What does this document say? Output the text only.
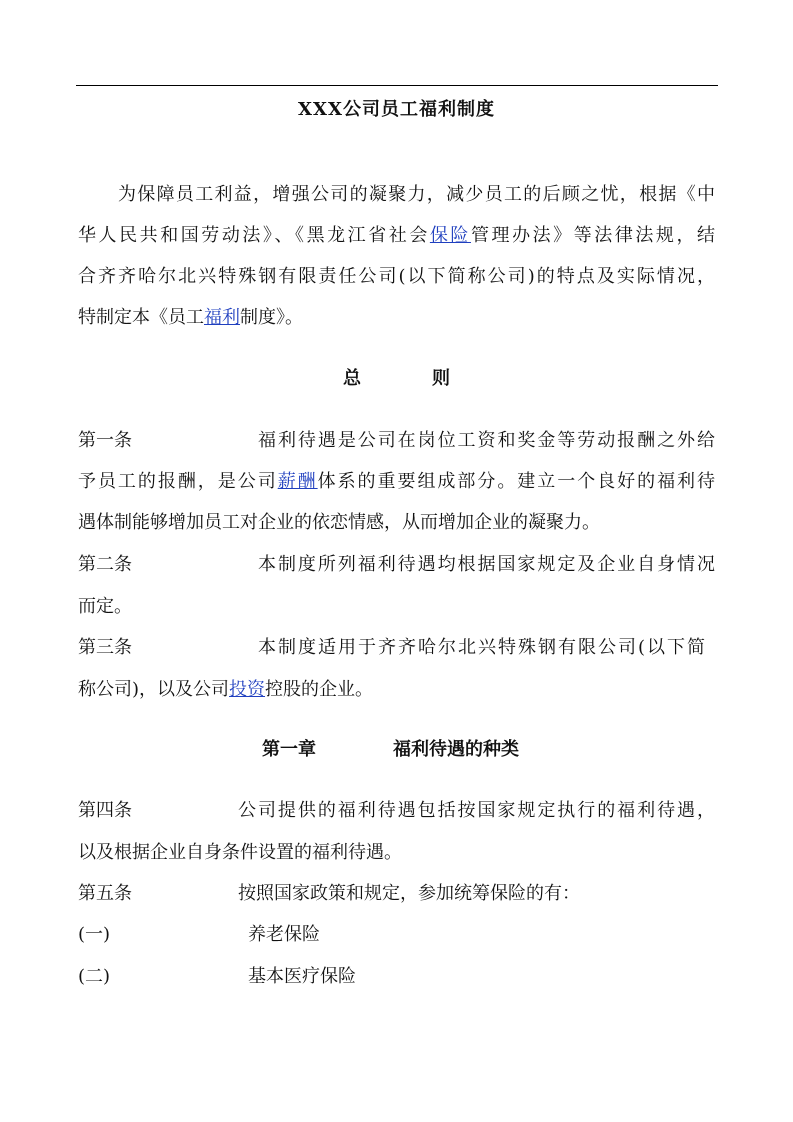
XXX公司员工福利制度
为保障员工利益，增强公司的凝聚力，减少员工的后顾之忧，根据《中
华人民共和国劳动法》、《黑龙江省社会保险管理办法》等法律法规，结
合齐齐哈尔北兴特殊钢有限责任公司(以下简称公司)的特点及实际情况，
特制定本《员工福利制度》。
总	则
第一条	福利待遇是公司在岗位工资和奖金等劳动报酬之外给
予员工的报酬，是公司薪酬体系的重要组成部分。建立一个良好的福利待
遇体制能够增加员工对企业的依恋情感，从而增加企业的凝聚力。
第二条	本制度所列福利待遇均根据国家规定及企业自身情况
而定。
第三条	本制度适用于齐齐哈尔北兴特殊钢有限公司(以下简
称公司)，以及公司投资控股的企业。
第一章	福利待遇的种类
第四条	公司提供的福利待遇包括按国家规定执行的福利待遇，
以及根据企业自身条件设置的福利待遇。
第五条	按照国家政策和规定，参加统筹保险的有：
(一)	养老保险
(二)	基本医疗保险
